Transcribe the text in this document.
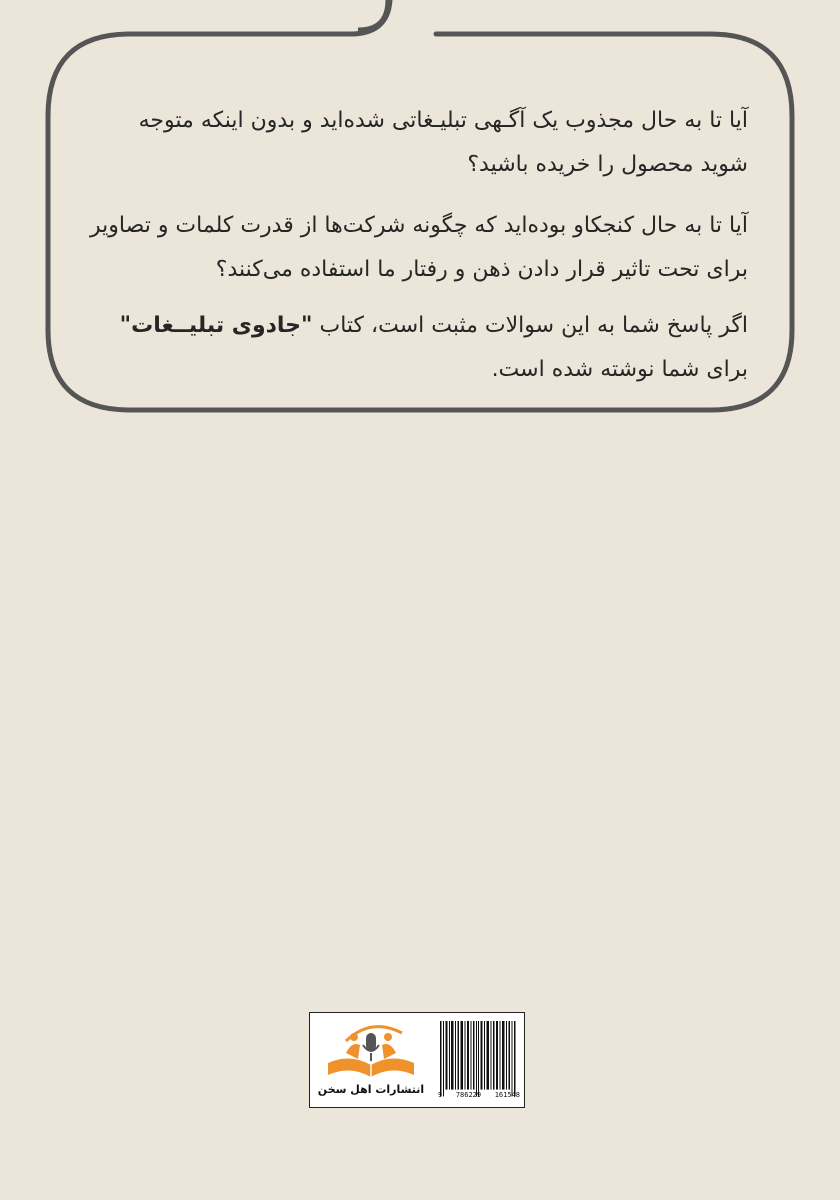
آیا تا به حال مجذوب یک آگـهی تبلیـغاتی شده‌اید و بدون اینکه متوجه شوید محصول را خریده باشید؟

آیا تا به حال کنجکاو بوده‌اید که چگونه شرکت‌ها از قدرت کلمات و تصاویر برای تحت تاثیر قرار دادن ذهن و رفتار ما استفاده می‌کنند؟

اگر پاسخ شما به این سوالات مثبت است، کتاب "جادوی تبلیــغات" برای شما نوشته شده است.

انتشارات اهل سخن 9 786229 161548
